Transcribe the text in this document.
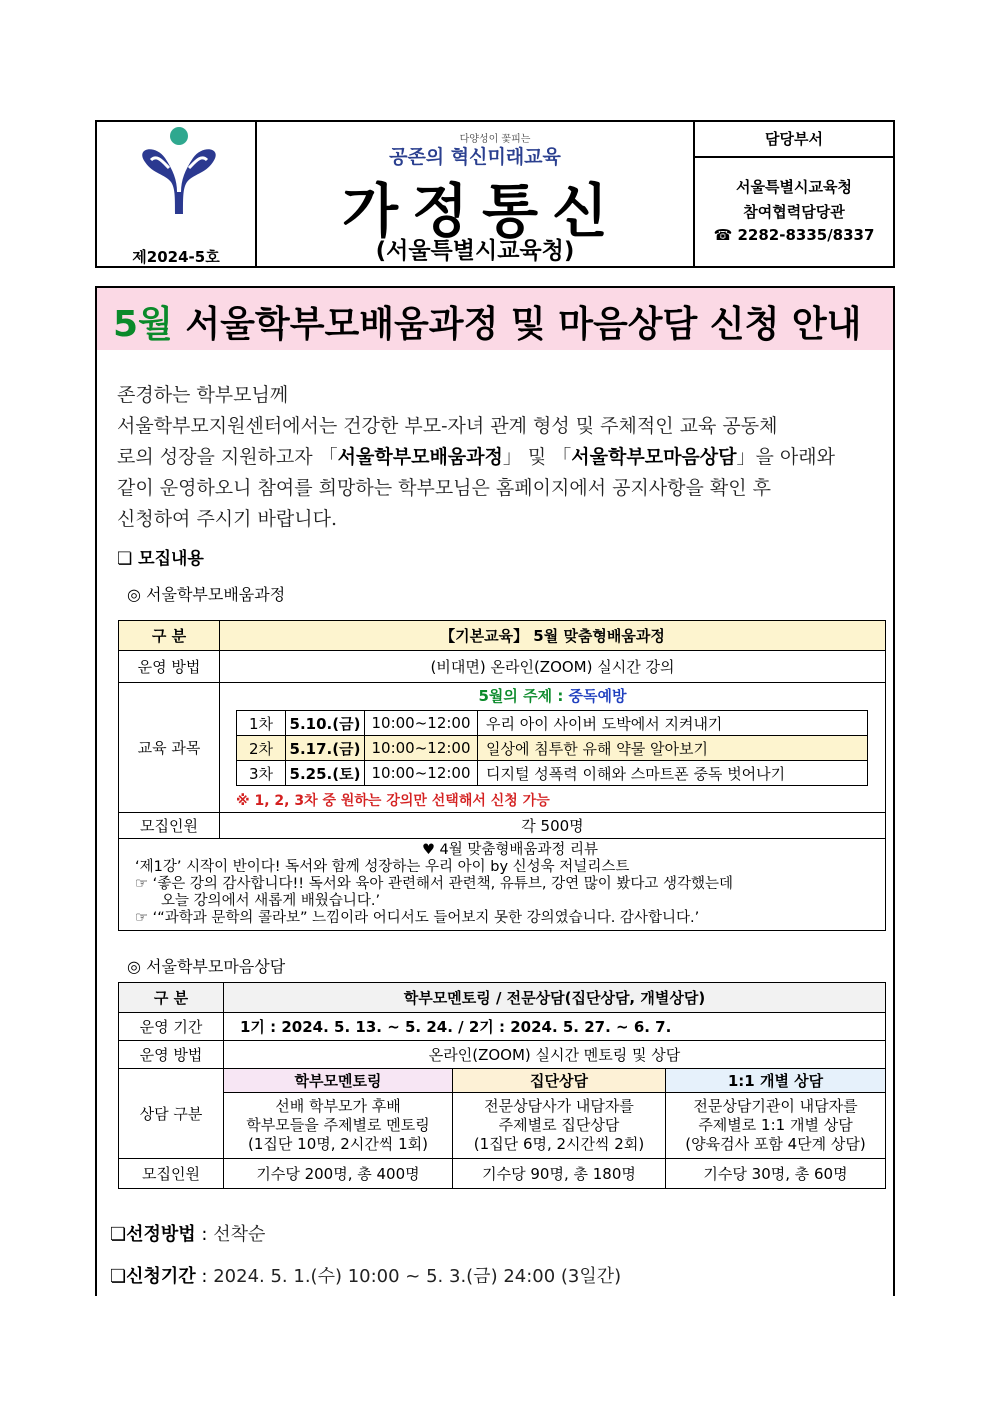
제2024-5호
다양성이 꽃피는
공존의 혁신미래교육
가정통신
(서울특별시교육청)
담당부서
서울특별시교육청
참여협력담당관
☎ 2282-8335/8337
5월 서울학부모배움과정 및 마음상담 신청 안내
존경하는 학부모님께
서울학부모지원센터에서는 건강한 부모-자녀 관계 형성 및 주체적인 교육 공동체
로의 성장을 지원하고자 「서울학부모배움과정」 및 「서울학부모마음상담」을 아래와
같이 운영하오니 참여를 희망하는 학부모님은 홈페이지에서 공지사항을 확인 후
신청하여 주시기 바랍니다.
❏ 모집내용
◎ 서울학부모배움과정
구 분	【기본교육】 5월 맞춤형배움과정
운영 방법	(비대면) 온라인(ZOOM) 실시간 강의
교육 과목	
5월의 주제 : 중독예방
1차	5.10.(금)	10:00~12:00	우리 아이 사이버 도박에서 지켜내기
2차	5.17.(금)	10:00~12:00	일상에 침투한 유해 약물 알아보기
3차	5.25.(토)	10:00~12:00	디지털 성폭력 이해와 스마트폰 중독 벗어나기
※ 1, 2, 3차 중 원하는 강의만 선택해서 신청 가능

모집인원	각 500명

♥ 4월 맞춤형배움과정 리뷰
‘제1강’ 시작이 반이다! 독서와 함께 성장하는 우리 아이 by 신성욱 저널리스트
☞ ‘좋은 강의 감사합니다!! 독서와 육아 관련해서 관련책, 유튜브, 강연 많이 봤다고 생각했는데
오늘 강의에서 새롭게 배웠습니다.’
☞ ‘“과학과 문학의 콜라보” 느낌이라 어디서도 들어보지 못한 강의였습니다. 감사합니다.’
◎ 서울학부모마음상담
구 분	학부모멘토링 / 전문상담(집단상담, 개별상담)		
운영 기간	1기 : 2024. 5. 13. ~ 5. 24. / 2기 : 2024. 5. 27. ~ 6. 7.		
운영 방법	온라인(ZOOM) 실시간 멘토링 및 상담		
상담 구분	학부모멘토링	집단상담	1:1 개별 상담

	선배 학부모가 후배
학부모들을 주제별로 멘토링
(1집단 10명, 2시간씩 1회)	전문상담사가 내담자를
주제별로 집단상담
(1집단 6명, 2시간씩 2회)	전문상담기관이 내담자를
주제별로 1:1 개별 상담
(양육검사 포함 4단계 상담)

모집인원	기수당 200명, 총 400명	기수당 90명, 총 180명	기수당 30명, 총 60명
❏선정방법 : 선착순
❏신청기간 : 2024. 5. 1.(수) 10:00 ~ 5. 3.(금) 24:00 (3일간)
